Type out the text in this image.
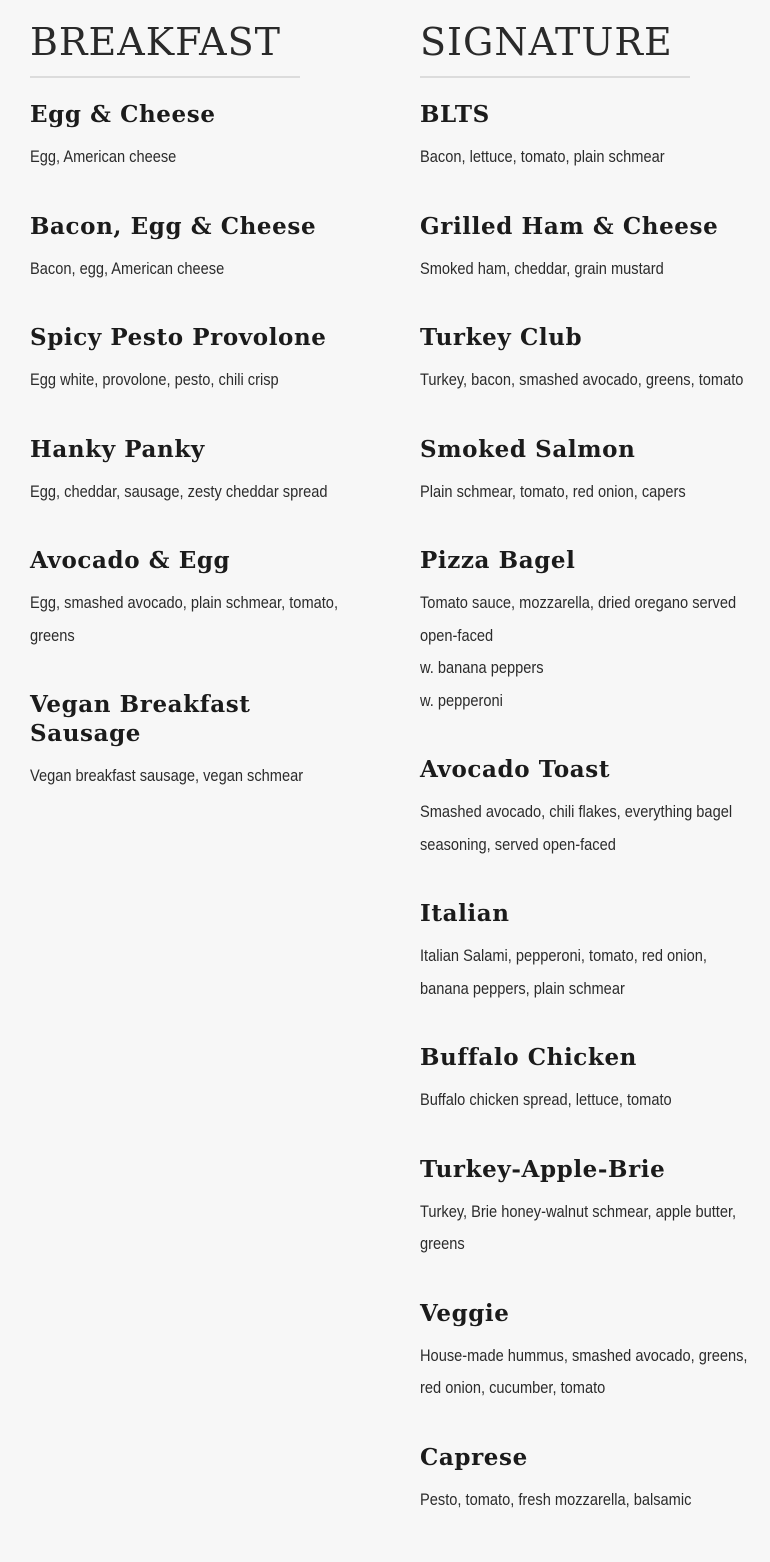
BREAKFAST
Egg & Cheese

Egg, American cheese

Bacon, Egg & Cheese

Bacon, egg, American cheese

Spicy Pesto Provolone

Egg white, provolone, pesto, chili crisp

Hanky Panky

Egg, cheddar, sausage, zesty cheddar spread

Avocado & Egg

Egg, smashed avocado, plain schmear, tomato, greens

Vegan Breakfast Sausage

Vegan breakfast sausage, vegan schmear

SIGNATURE
BLTS

Bacon, lettuce, tomato, plain schmear

Grilled Ham & Cheese

Smoked ham, cheddar, grain mustard

Turkey Club

Turkey, bacon, smashed avocado, greens, tomato

Smoked Salmon

Plain schmear, tomato, red onion, capers

Pizza Bagel

Tomato sauce, mozzarella, dried oregano served open-faced

w. banana peppers

w. pepperoni

Avocado Toast

Smashed avocado, chili flakes, everything bagel seasoning, served open-faced

Italian

Italian Salami, pepperoni, tomato, red onion, banana peppers, plain schmear

Buffalo Chicken

Buffalo chicken spread, lettuce, tomato

Turkey-Apple-Brie

Turkey, Brie honey-walnut schmear, apple butter, greens

Veggie

House-made hummus, smashed avocado, greens, red onion, cucumber, tomato

Caprese

Pesto, tomato, fresh mozzarella, balsamic
